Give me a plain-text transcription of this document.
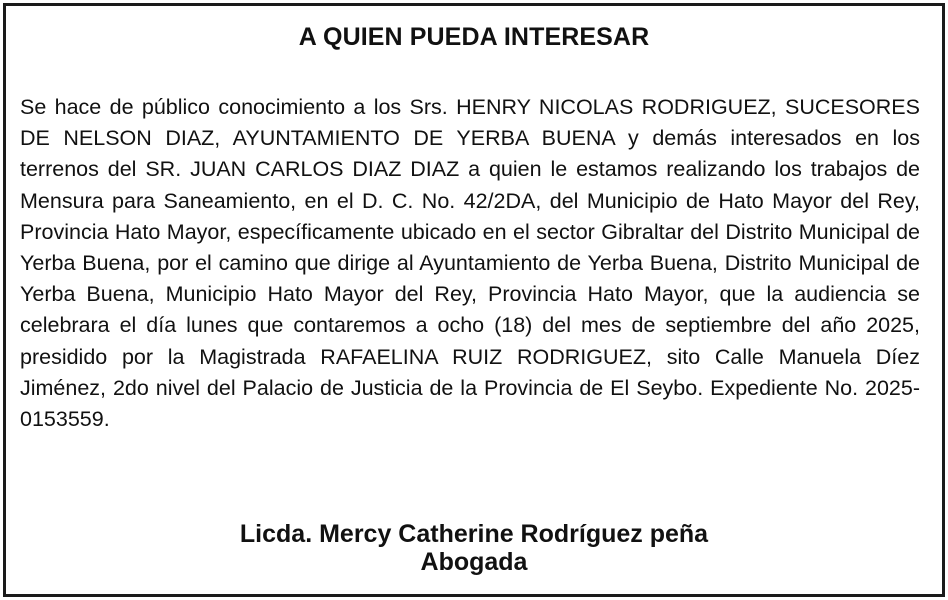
A QUIEN PUEDA INTERESAR

Se hace de público conocimiento a los Srs. HENRY NICOLAS RODRIGUEZ, SUCESORES DE NELSON DIAZ, AYUNTAMIENTO DE YERBA BUENA y demás interesados en los terrenos del SR. JUAN CARLOS DIAZ DIAZ a quien le estamos realizando los trabajos de Mensura para Saneamiento, en el D. C. No. 42/2DA, del Municipio de Hato Mayor del Rey, Provincia Hato Mayor, específicamente ubicado en el sector Gibraltar del Distrito Municipal de Yerba Buena, por el camino que dirige al Ayuntamiento de Yerba Buena, Distrito Municipal de Yerba Buena, Municipio Hato Mayor del Rey, Provincia Hato Mayor, que la audiencia se celebrara el día lunes que contaremos a ocho (18) del mes de septiembre del año 2025, presidido por la Magistrada RAFAELINA RUIZ RODRIGUEZ, sito Calle Manuela Díez Jiménez, 2do nivel del Palacio de Justicia de la Provincia de El Seybo. Expediente No. 2025-0153559.

Licda. Mercy Catherine Rodríguez peña
Abogada
